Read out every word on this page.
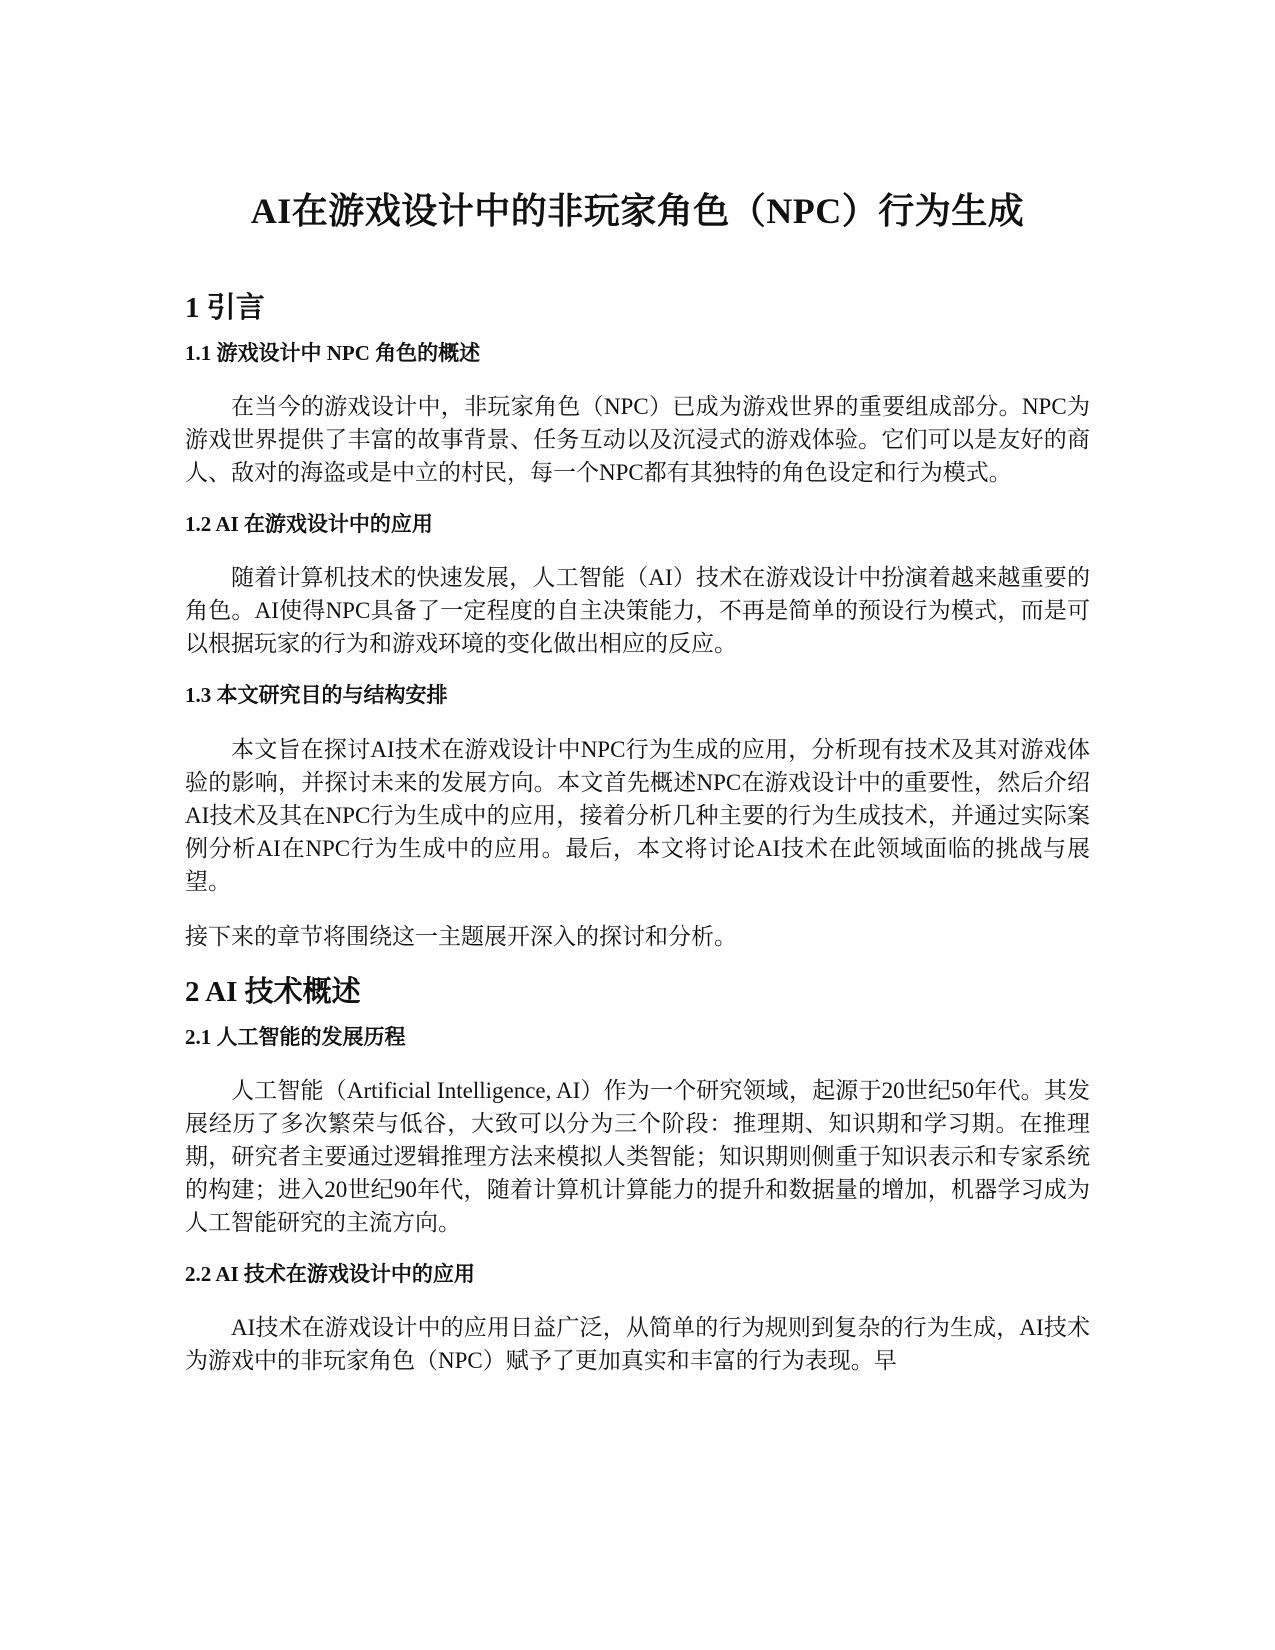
AI在游戏设计中的非玩家角色（NPC）行为生成
1 引言
1.1 游戏设计中 NPC 角色的概述

在当今的游戏设计中，非玩家角色（NPC）已成为游戏世界的重要组成部分。NPC为游戏世界提供了丰富的故事背景、任务互动以及沉浸式的游戏体验。它们可以是友好的商人、敌对的海盗或是中立的村民，每一个NPC都有其独特的角色设定和行为模式。

1.2 AI 在游戏设计中的应用

随着计算机技术的快速发展，人工智能（AI）技术在游戏设计中扮演着越来越重要的角色。AI使得NPC具备了一定程度的自主决策能力，不再是简单的预设行为模式，而是可以根据玩家的行为和游戏环境的变化做出相应的反应。

1.3 本文研究目的与结构安排

本文旨在探讨AI技术在游戏设计中NPC行为生成的应用，分析现有技术及其对游戏体验的影响，并探讨未来的发展方向。本文首先概述NPC在游戏设计中的重要性，然后介绍AI技术及其在NPC行为生成中的应用，接着分析几种主要的行为生成技术，并通过实际案例分析AI在NPC行为生成中的应用。最后，本文将讨论AI技术在此领域面临的挑战与展望。

接下来的章节将围绕这一主题展开深入的探讨和分析。

2 AI 技术概述
2.1 人工智能的发展历程

人工智能（Artificial Intelligence, AI）作为一个研究领域，起源于20世纪50年代。其发展经历了多次繁荣与低谷，大致可以分为三个阶段：推理期、知识期和学习期。在推理期，研究者主要通过逻辑推理方法来模拟人类智能；知识期则侧重于知识表示和专家系统的构建；进入20世纪90年代，随着计算机计算能力的提升和数据量的增加，机器学习成为人工智能研究的主流方向。

2.2 AI 技术在游戏设计中的应用

AI技术在游戏设计中的应用日益广泛，从简单的行为规则到复杂的行为生成，AI技术为游戏中的非玩家角色（NPC）赋予了更加真实和丰富的行为表现。早
